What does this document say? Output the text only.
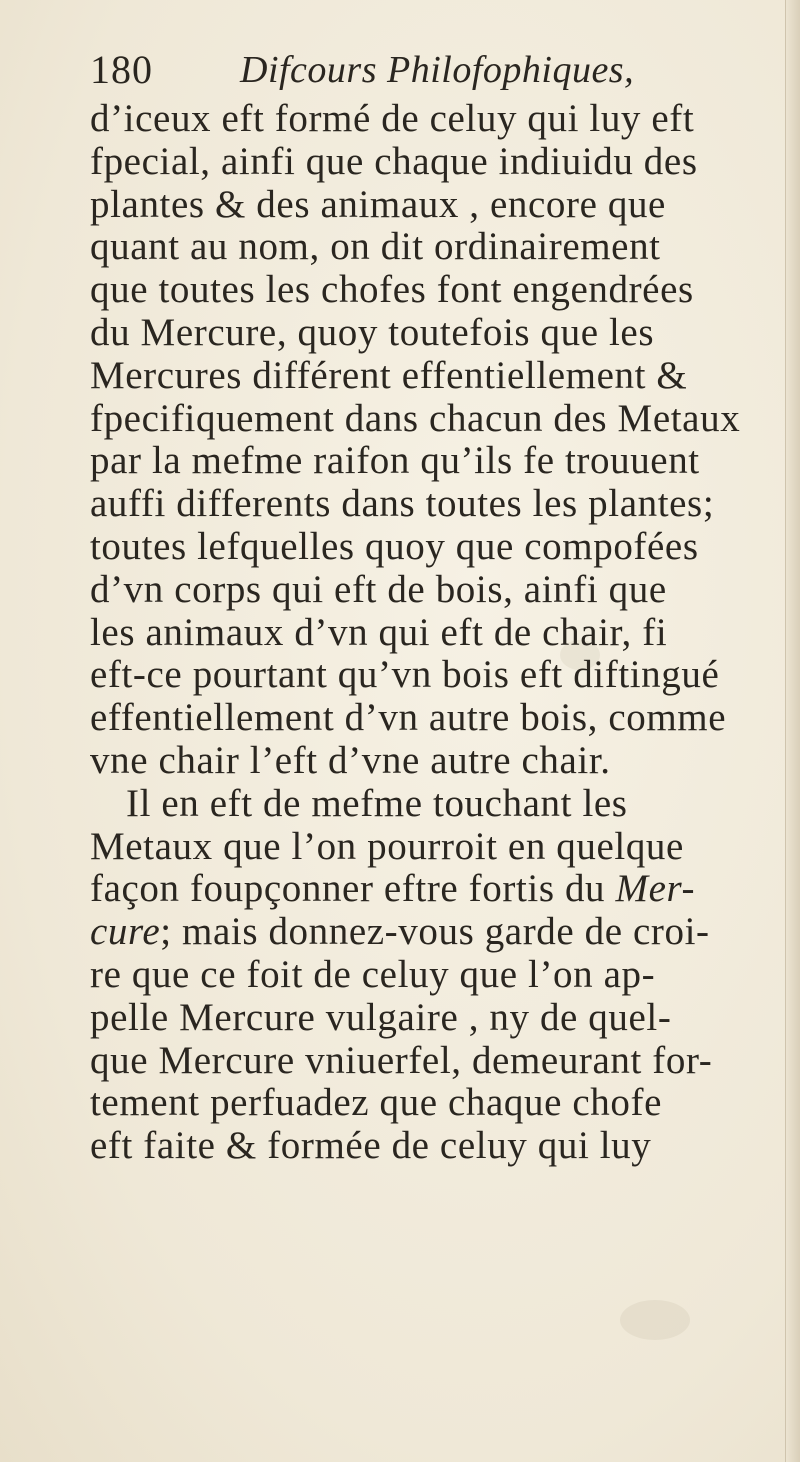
180 Difcours Philofophiques,
d’iceux eft formé de celuy qui luy eft
fpecial, ainfi que chaque indiuidu des
plantes & des animaux , encore que
quant au nom, on dit ordinairement
que toutes les chofes font engendrées
du Mercure, quoy toutefois que les
Mercures différent effentiellement &
fpecifiquement dans chacun des Metaux
par la mefme raifon qu’ils fe trouuent
auffi differents dans toutes les plantes;
toutes lefquelles quoy que compofées
d’vn corps qui eft de bois, ainfi que
les animaux d’vn qui eft de chair, fi
eft-ce pourtant qu’vn bois eft diftingué
effentiellement d’vn autre bois, comme
vne chair l’eft d’vne autre chair.
Il en eft de mefme touchant les
Metaux que l’on pourroit en quelque
façon foupçonner eftre fortis du Mer-
cure; mais donnez-vous garde de croi-
re que ce foit de celuy que l’on ap-
pelle Mercure vulgaire , ny de quel-
que Mercure vniuerfel, demeurant for-
tement perfuadez que chaque chofe
eft faite & formée de celuy qui luy
